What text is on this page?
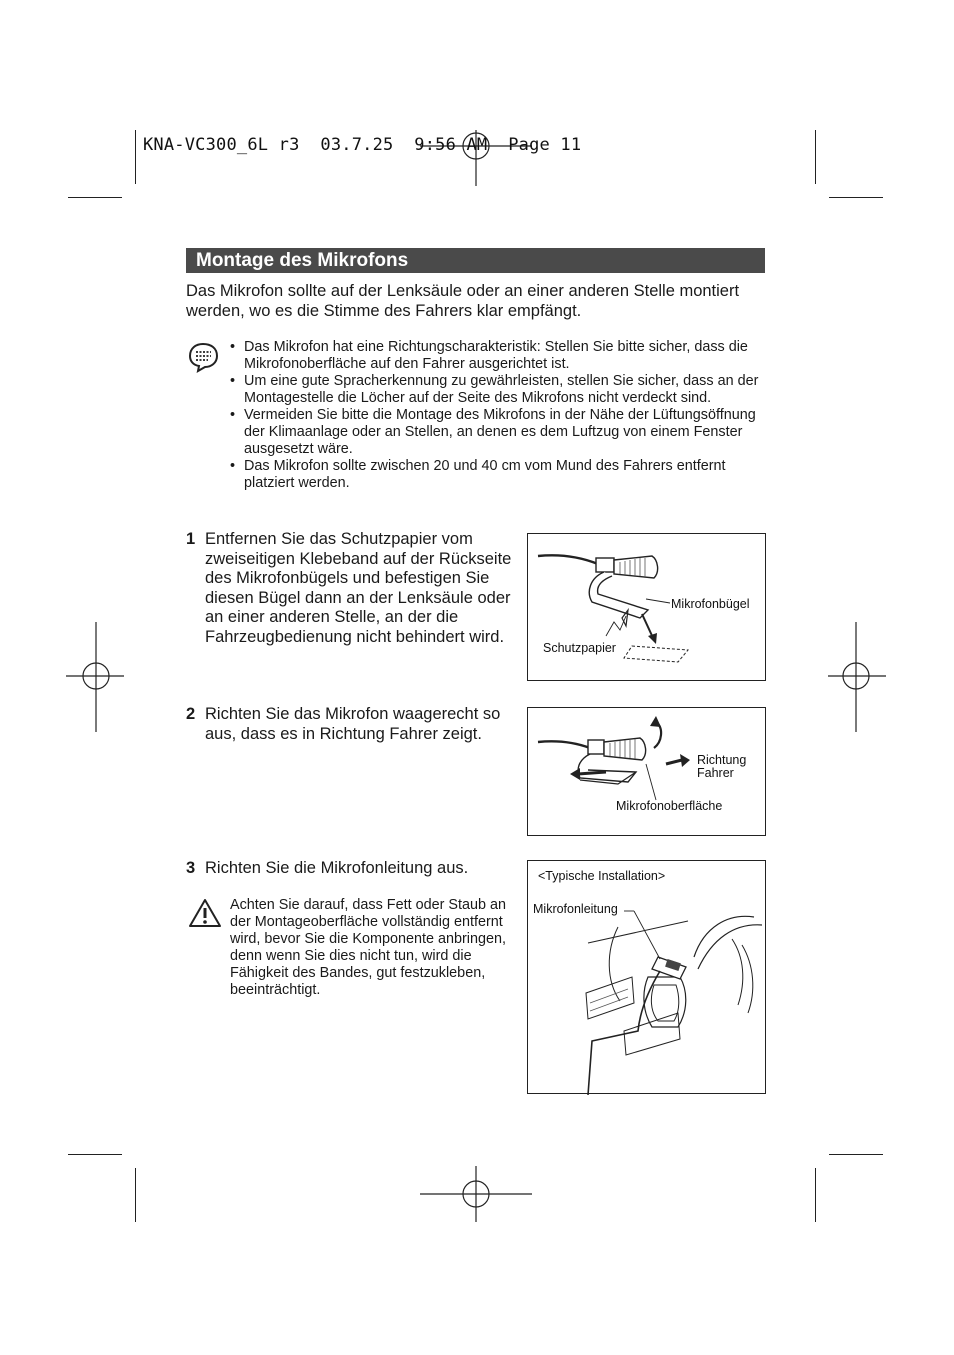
KNA-VC300_6L r3  03.7.25  9:56 AM  Page 11
Montage des Mikrofons
Das Mikrofon sollte auf der Lenksäule oder an einer anderen Stelle montiert werden, wo es die Stimme des Fahrers klar empfängt.
• Das Mikrofon hat eine Richtungscharakteristik: Stellen Sie bitte sicher, dass die Mikrofonoberfläche auf den Fahrer ausgerichtet ist.
• Um eine gute Spracherkennung zu gewährleisten, stellen Sie sicher, dass an der Montagestelle die Löcher auf der Seite des Mikrofons nicht verdeckt sind.
• Vermeiden Sie bitte die Montage des Mikrofons in der Nähe der Lüftungsöffnung der Klimaanlage oder an Stellen, an denen es dem Luftzug von einem Fenster ausgesetzt wäre.
• Das Mikrofon sollte zwischen 20 und 40 cm vom Mund des Fahrers entfernt platziert werden.
1 Entfernen Sie das Schutzpapier vom zweiseitigen Klebeband auf der Rückseite des Mikrofonbügels und befestigen Sie diesen Bügel dann an der Lenksäule oder an einer anderen Stelle, an der die Fahrzeugbedienung nicht behindert wird.
2 Richten Sie das Mikrofon waagerecht so aus, dass es in Richtung Fahrer zeigt.
3 Richten Sie die Mikrofonleitung aus.
Achten Sie darauf, dass Fett oder Staub an der Montageoberfläche vollständig entfernt wird, bevor Sie die Komponente anbringen, denn wenn Sie dies nicht tun, wird die Fähigkeit des Bandes, gut festzukleben, beeinträchtigt.
Mikrofonbügel
Schutzpapier
Richtung
Fahrer
Mikrofonoberfläche
<Typische Installation>
Mikrofonleitung
